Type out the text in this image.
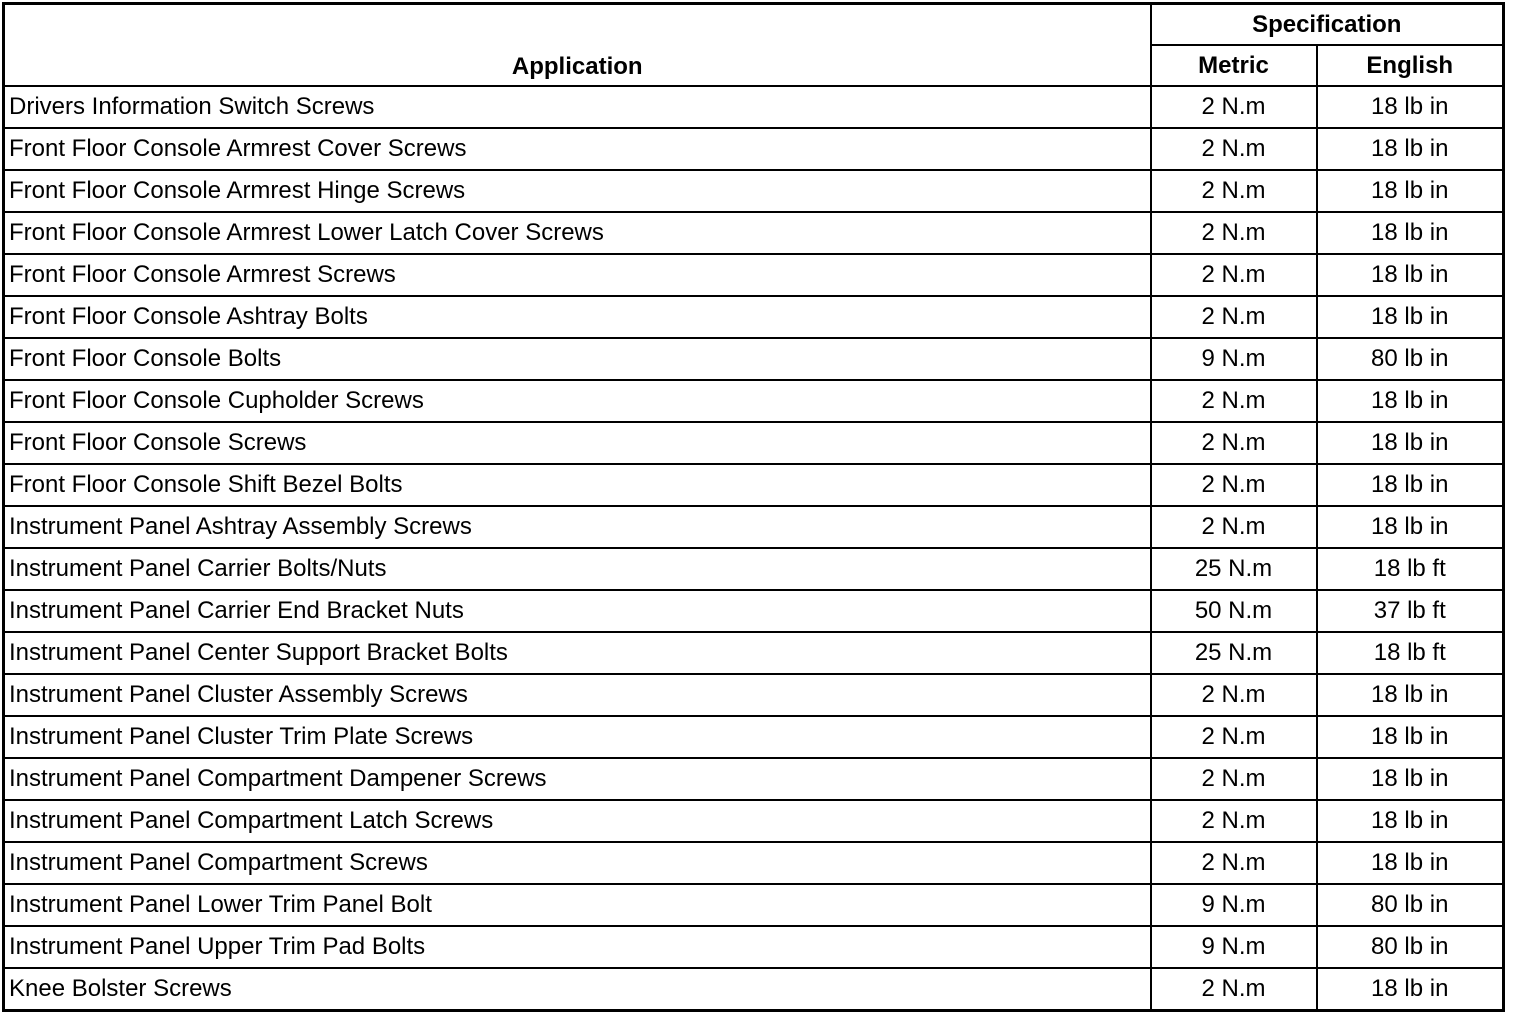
Application	Specification	
	Metric	English
Drivers Information Switch Screws	2 N.m	18 lb in
Front Floor Console Armrest Cover Screws	2 N.m	18 lb in
Front Floor Console Armrest Hinge Screws	2 N.m	18 lb in
Front Floor Console Armrest Lower Latch Cover Screws	2 N.m	18 lb in
Front Floor Console Armrest Screws	2 N.m	18 lb in
Front Floor Console Ashtray Bolts	2 N.m	18 lb in
Front Floor Console Bolts	9 N.m	80 lb in
Front Floor Console Cupholder Screws	2 N.m	18 lb in
Front Floor Console Screws	2 N.m	18 lb in
Front Floor Console Shift Bezel Bolts	2 N.m	18 lb in
Instrument Panel Ashtray Assembly Screws	2 N.m	18 lb in
Instrument Panel Carrier Bolts/Nuts	25 N.m	18 lb ft
Instrument Panel Carrier End Bracket Nuts	50 N.m	37 lb ft
Instrument Panel Center Support Bracket Bolts	25 N.m	18 lb ft
Instrument Panel Cluster Assembly Screws	2 N.m	18 lb in
Instrument Panel Cluster Trim Plate Screws	2 N.m	18 lb in
Instrument Panel Compartment Dampener Screws	2 N.m	18 lb in
Instrument Panel Compartment Latch Screws	2 N.m	18 lb in
Instrument Panel Compartment Screws	2 N.m	18 lb in
Instrument Panel Lower Trim Panel Bolt	9 N.m	80 lb in
Instrument Panel Upper Trim Pad Bolts	9 N.m	80 lb in
Knee Bolster Screws	2 N.m	18 lb in
